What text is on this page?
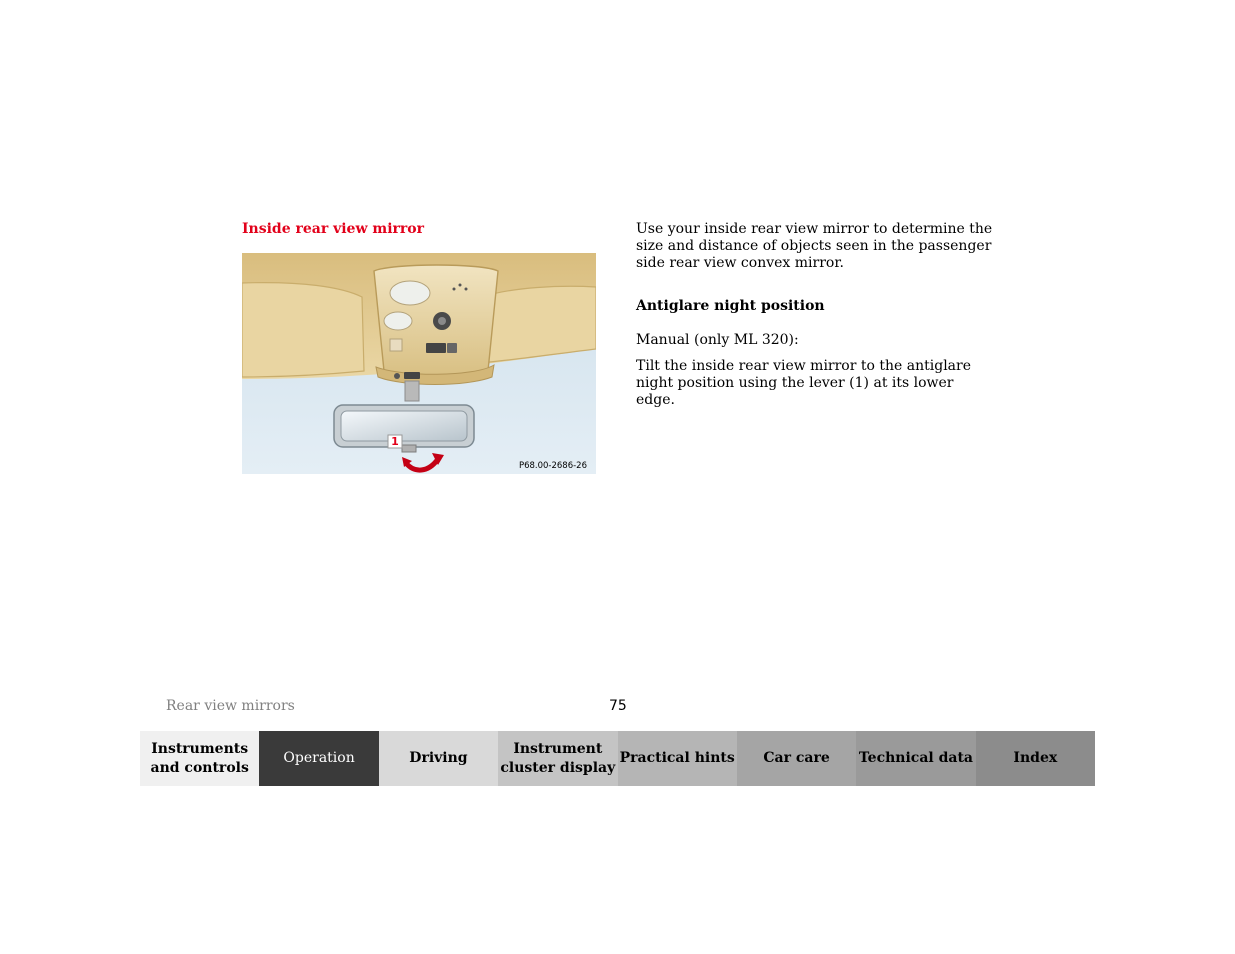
Inside rear view mirror
1
P68.00-2686-26

Use your inside rear view mirror to determine the size and distance of objects seen in the passenger side rear view convex mirror.

Antiglare night position

Manual (only ML 320):

Tilt the inside rear view mirror to the antiglare night position using the lever (1) at its lower edge.

Rear view mirrors	75
Instruments and controls
Operation	Driving
Instrument cluster display
Practical hints Car care Technical data	Index
